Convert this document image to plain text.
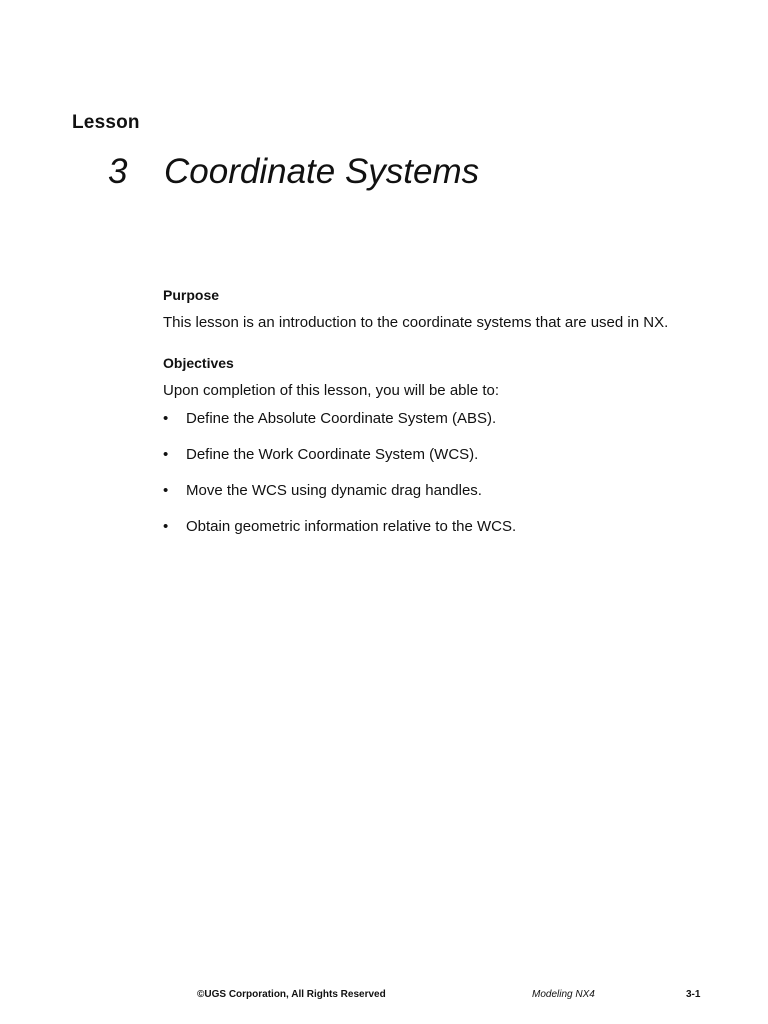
Lesson
3 Coordinate Systems
Purpose
This lesson is an introduction to the coordinate systems that are used in NX.
Objectives
Upon completion of this lesson, you will be able to:
• Define the Absolute Coordinate System (ABS).
• Define the Work Coordinate System (WCS).
• Move the WCS using dynamic drag handles.
• Obtain geometric information relative to the WCS.
©UGS Corporation, All Rights Reserved	Modeling NX4	3-1
